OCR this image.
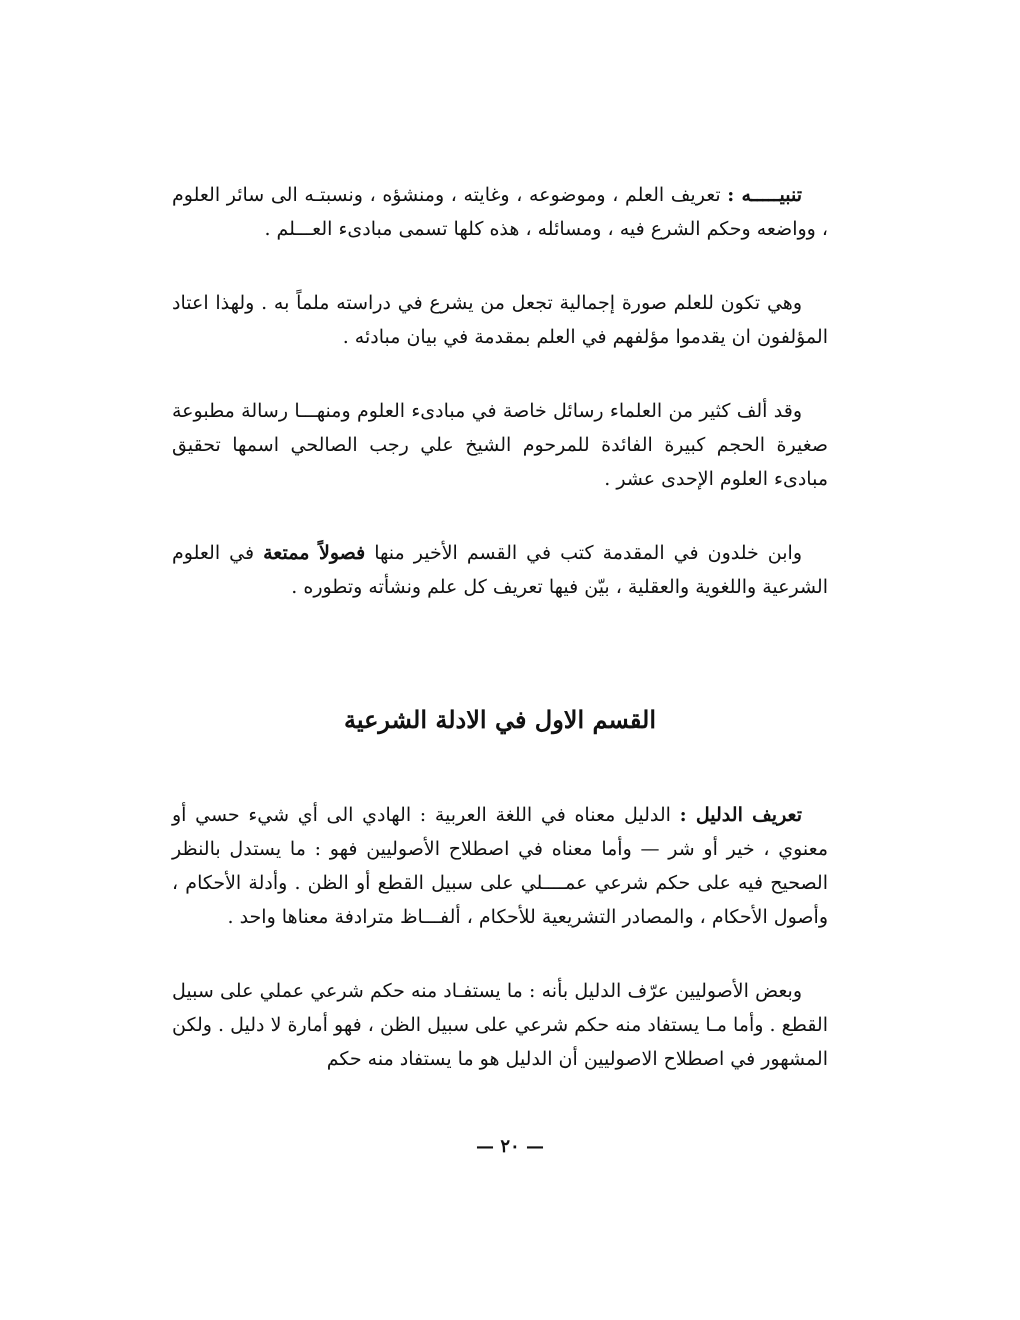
تنبيـــــه : تعريف العلم ، وموضوعه ، وغايته ، ومنشؤه ، ونسبتـه الى سائر العلوم ، وواضعه وحكم الشرع فيه ، ومسائله ، هذه كلها تسمى مبادىء العـــلم .

وهي تكون للعلم صورة إجمالية تجعل من يشرع في دراسته ملماً به . ولهذا اعتاد المؤلفون ان يقدموا مؤلفهم في العلم بمقدمة في بيان مبادئه .

وقد ألف كثير من العلماء رسائل خاصة في مبادىء العلوم ومنهـــا رسالة مطبوعة صغيرة الحجم كبيرة الفائدة للمرحوم الشيخ علي رجب الصالحي اسمها تحقيق مبادىء العلوم الإحدى عشر .

وابن خلدون في المقدمة كتب في القسم الأخير منها فصولاً ممتعة في العلوم الشرعية واللغوية والعقلية ، بيّن فيها تعريف كل علم ونشأته وتطوره .

القسم الاول في الادلة الشرعية

تعريف الدليل : الدليل معناه في اللغة العربية : الهادي الى أي شيء حسي أو معنوي ، خير أو شر — وأما معناه في اصطلاح الأصوليين فهو : ما يستدل بالنظر الصحيح فيه على حكم شرعي عمــــلي على سبيل القطع أو الظن . وأدلة الأحكام ، وأصول الأحكام ، والمصادر التشريعية للأحكام ، ألفـــاظ مترادفة معناها واحد .

وبعض الأصوليين عرّف الدليل بأنه : ما يستفـاد منه حكم شرعي عملي على سبيل القطع . وأما مـا يستفاد منه حكم شرعي على سبيل الظن ، فهو أمارة لا دليل . ولكن المشهور في اصطلاح الاصوليين أن الدليل هو ما يستفاد منه حكم

— ٢٠ —
